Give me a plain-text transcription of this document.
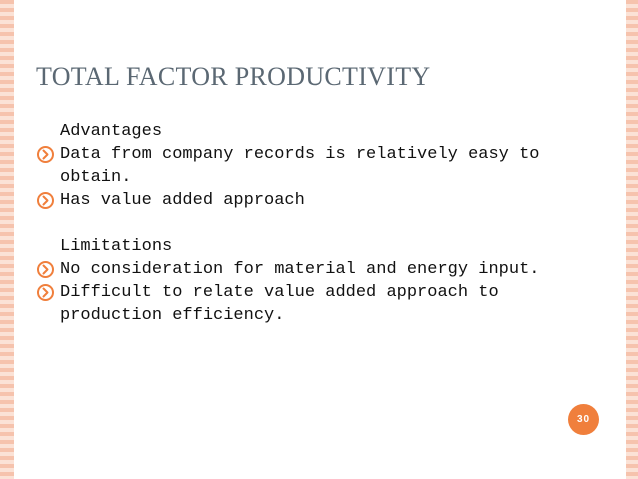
TOTAL FACTOR PRODUCTIVITY
Advantages
Data from company records is relatively easy to
obtain.
Has value added approach
Limitations
No consideration for material and energy input.
Difficult to relate value added approach to
production efficiency.
30
